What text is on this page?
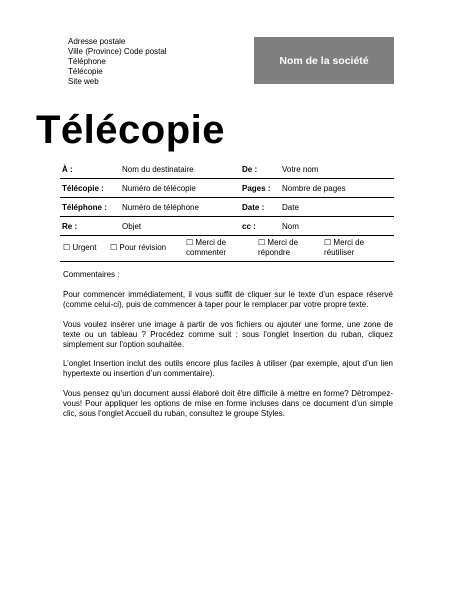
Adresse postale
Ville (Province) Code postal
Téléphone
Télécopie
Site web
Nom de la société
Télécopie
À :	Nom du destinataire	De :	Votre nom
Télécopie : Numéro de télécopie	Pages : Nombre de pages
Téléphone : Numéro de téléphone	Date : Date
Re :	Objet	cc :	Nom
☐ Urgent ☐ Pour révision
☐ Merci de
commenter
☐ Merci de
répondre
☐ Merci de
réutiliser

Commentaires :

Pour commencer immédiatement, il vous suffit de cliquer sur le texte d’un espace réservé (comme celui-ci), puis de commencer à taper pour le remplacer par votre propre texte.

Vous voulez insérer une image à partir de vos fichiers ou ajouter une forme, une zone de texte ou un tableau ? Procédez comme suit : sous l’onglet Insertion du ruban, cliquez simplement sur l’option souhaitée.

L’onglet Insertion inclut des outils encore plus faciles à utiliser (par exemple, ajout d’un lien hypertexte ou insertion d’un commentaire).

Vous pensez qu’un document aussi élaboré doit être difficile à mettre en forme? Détrompez-vous! Pour appliquer les options de mise en forme incluses dans ce document d’un simple clic, sous l’onglet Accueil du ruban, consultez le groupe Styles.
